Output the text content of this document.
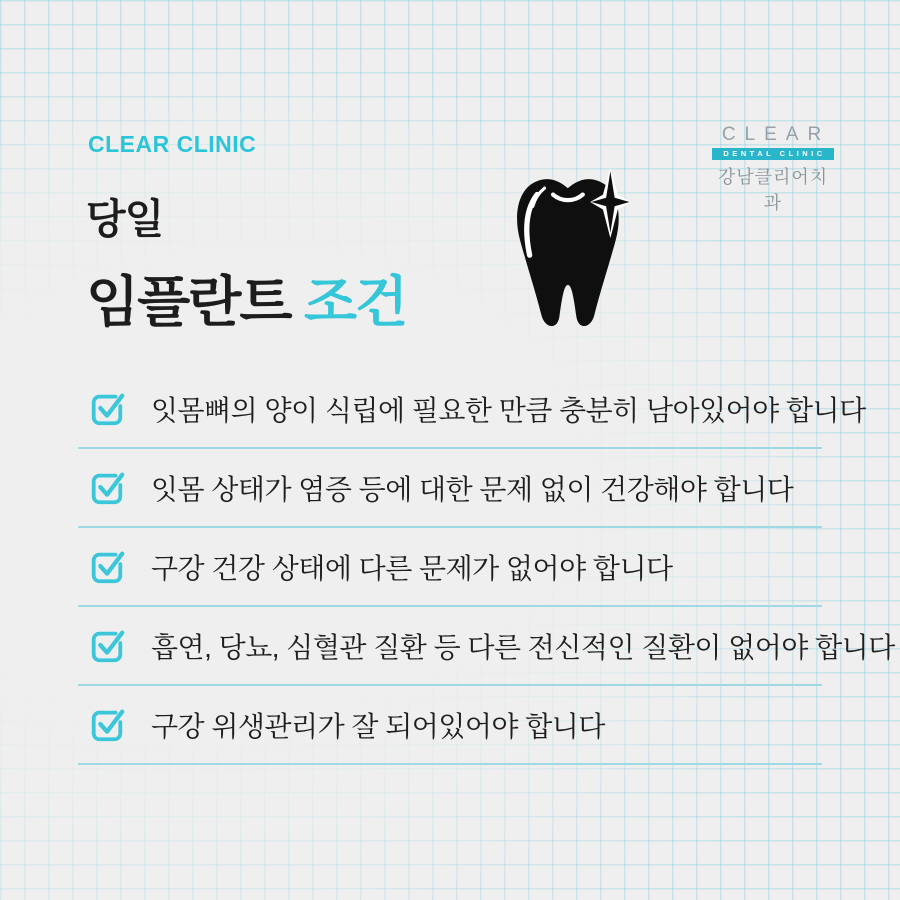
CLEAR CLINIC	CLEAR
DENTAL CLINIC
강남클리어치과
당일
임플란트 조건
잇몸뼈의 양이 식립에 필요한 만큼 충분히 남아있어야 합니다
잇몸 상태가 염증 등에 대한 문제 없이 건강해야 합니다
구강 건강 상태에 다른 문제가 없어야 합니다
흡연, 당뇨, 심혈관 질환 등 다른 전신적인 질환이 없어야 합니다
구강 위생관리가 잘 되어있어야 합니다
